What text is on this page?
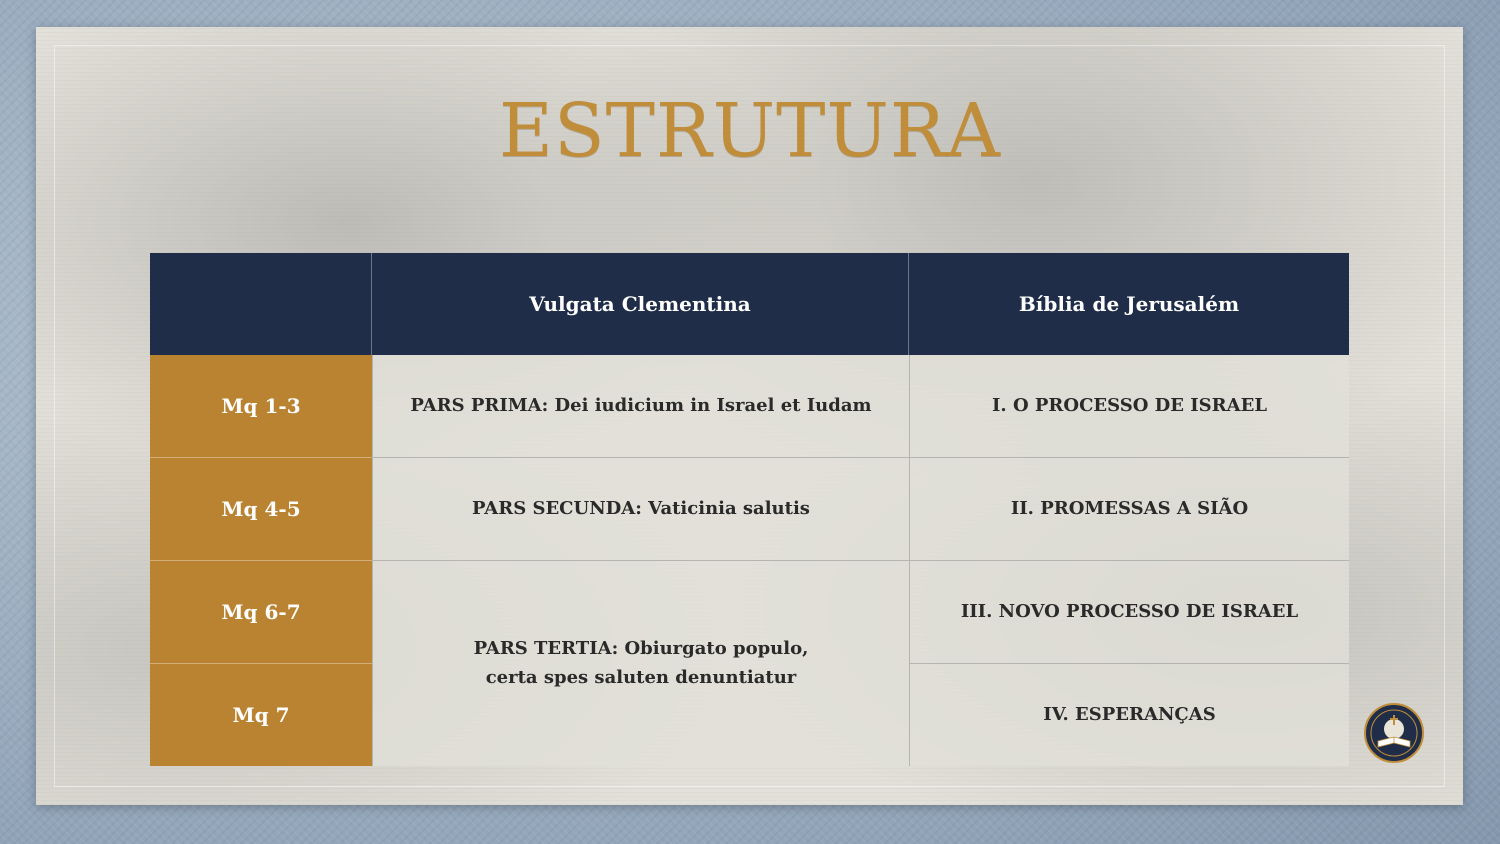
ESTRUTURA
Vulgata Clementina	Bíblia de Jerusalém
Mq 1-3
Mq 4-5
Mq 6-7
Mq 7
PARS PRIMA: Dei iudicium in Israel et Iudam
PARS SECUNDA: Vaticinia salutis
PARS TERTIA: Obiurgato populo,
certa spes saluten denuntiatur
I. O PROCESSO DE ISRAEL
II. PROMESSAS A SIÃO
III. NOVO PROCESSO DE ISRAEL
IV. ESPERANÇAS
